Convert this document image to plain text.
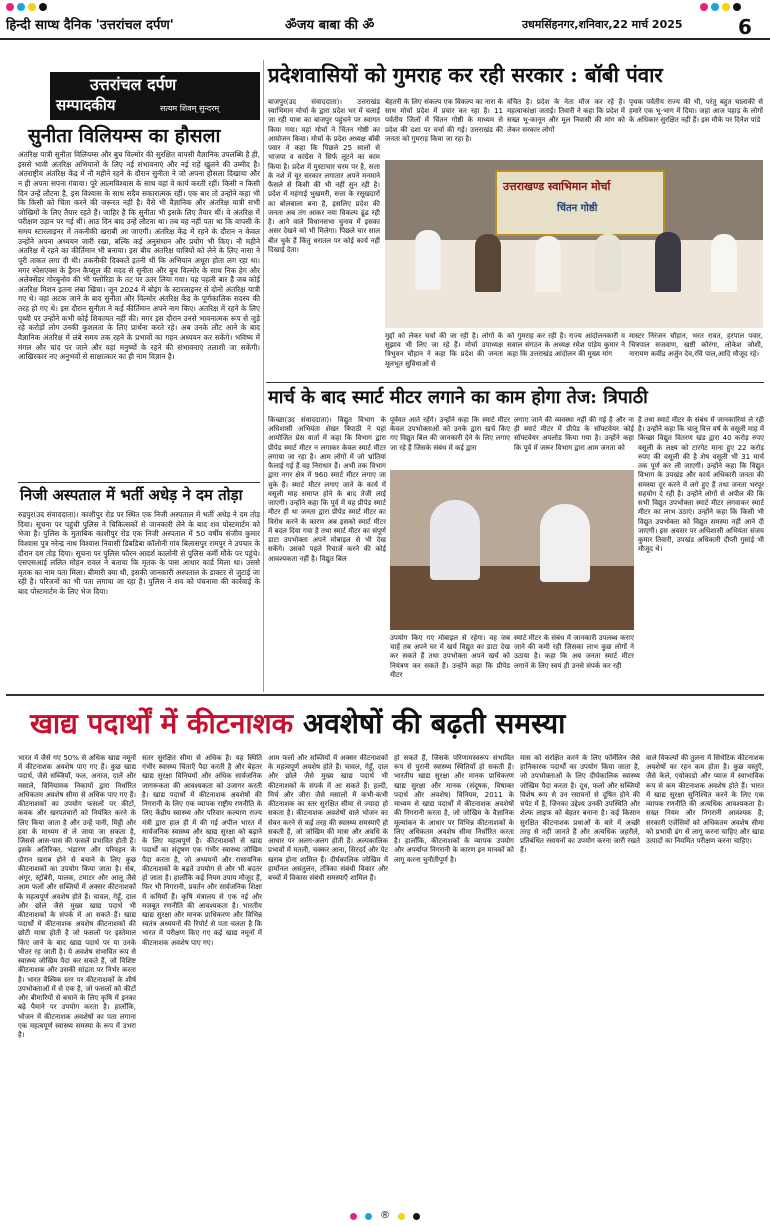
हिन्दी साप्ध दैनिक 'उत्तरांचल दर्पण'	ॐजय बाबा की ॐ	उधमसिंहनगर,शनिवार,22 मार्च 2025	6
उत्तरांचल दर्पण
सम्पादकीय	सत्यम शिवम् सुन्दरम्
सुनीता विलियम्स का हौसला
अंतरिक्ष यात्री सुनीता विलियम्स और बुच विल्मोर की सुरक्षित वापसी वैज्ञानिक उपलब्धि है ही, इससे भावी अंतरिक्ष अभियानों के लिए नई संभावनाएं और नई राहें खुलने की उम्मीद है। अंतराष्ट्रीय अंतरिक्ष केंद्र में नौ महीने रहने के दौरान सुनीता ने जो अपना हौसला दिखाया और न ही अपना सपना गंवाया। पूरे आत्मविश्वास के साथ वहां वे कार्य करती रहीं। किसी न किसी दिन उन्हें लौटना है, इस विश्वास के साथ सदैव सकारात्मक रहीं। एक बार तो उन्होंने कहा भी कि किसी को चिंता करने की जरूरत नहीं है। वैसे भी वैज्ञानिक और अंतरिक्ष यात्री सभी जोखिमों के लिए तैयार रहते हैं। जाहिर है कि सुनीता भी इसके लिए तैयार थीं। वे अंतरिक्ष में परीक्षण उड़ान पर गई थीं। आठ दिन बाद उन्हें लौटना था। तब यह नहीं पता था कि वापसी के समय स्टारलाइनर में तकनीकी खराबी आ जाएगी। अंतरिक्ष केंद्र में रहने के दौरान न केवल उन्होंने अपना अध्ययन जारी रखा, बल्कि कई अनुसंधान और प्रयोग भी किए। नौ महीने अंतरिक्ष में रहने का कीर्तिमान भी बनाया। इस बीच अंतरिक्ष यात्रियों को लेने के लिए नासा ने पूरी ताकत लगा दी थी। तकनीकी दिक्कतें इतनी थीं कि अभियान अधूरा होता लग रहा था। मगर स्पेसएक्स के ड्रैगन कैप्सूल की मदद से सुनीता और बुच विल्मोर के साथ निक हेग और अलेक्सेंडर गोरबुनोव की भी फ्लोरिडा के तट पर उतर लिया गया। यह पहली बार है जब कोई अंतरिक्ष मिशन इतना लंबा खिंचा। जून 2024 में बोइंग के स्टारलाइनर से दोनों अंतरिक्ष यात्री गए थे। वहां अटक जाने के बाद सुनीता और विल्मोर अंतरिक्ष केंद्र के पूर्णकालिक सदस्य की तरह हो गए थे। इस दौरान सुनीता ने कई कीर्तिमान अपने नाम किए। अंतरिक्ष में रहने के लिए पृथ्वी पर उन्होंने कभी कोई शिकायत नहीं की। मगर इस दौरान उनसे भावनात्मक रूप से जुड़े रहे करोड़ों लोग उनकी कुशलता के लिए प्रार्थना करते रहे। अब उनके लौट आने के बाद वैज्ञानिक अंतरिक्ष में लंबे समय तक रहने के प्रभावों का गहन अध्ययन कर सकेंगे। भविष्य में मंगल और चांद पर जाने और वहां मनुष्यों के रहने की संभावनाएं तलाशी जा सकेंगी। आखिरकार नए अनुभवों से साक्षात्कार का ही नाम विज्ञान है।
निजी अस्पताल में भर्ती अधेड़ ने दम तोड़ा
रुद्रपुर(उद संवाददाता)। काशीपुर रोड पर स्थित एक निजी अस्पताल में भर्ती अधेड़ ने दम तोड़ दिया। सूचना पर पहुंची पुलिस ने चिकित्सकों से जानकारी लेने के बाद शव पोस्टमार्टम को भेजा है। पुलिस के मुताबिक काशीपुर रोड एक निजी अस्पताल में 50 वर्षीय संजीव कुमार विश्वास पुत्र नरेन्द्र नाथ विश्वास निवासी डिबडिबा कॉलोनी गांव बिलासपुर रामपुर ने उपचार के दौरान दम तोड़ दिया। सूचना पर पुलिस फौरन आदर्श कालोनी से पुलिस कर्मी मौके पर पहुंचे। एसएसआई ललित मोहन रावल ने बताया कि मृतक के पास आधार कार्ड मिला था। उससे मृतक का नाम पता मिला। बीमारी क्या थी, इसकी जानकारी अस्पताल के डाक्टर से जुटाई जा रही है। परिजनों का भी पता लगाया जा रहा है। पुलिस ने शव को पंचनामा की कार्रवाई के बाद पोस्टमार्टम के लिए भेज दिया।
प्रदेशवासियों को गुमराह कर रही सरकार : बॉबी पंवार
बाजपुर(उद संवाददाता)। उत्तराखंड स्वाभिमान मोर्चा के द्वारा प्रदेश भर में चलाई जा रही यात्रा का बाजपुर पहुंचने पर स्वागत किया गया। यहां मोर्चा ने चिंतन गोष्ठी का आयोजन किया। मोर्चा के प्रदेश अध्यक्ष बॉबी पवार ने कहा कि पिछले 25 सालों से भाजपा व कांग्रेस ने सिर्फ लूटने का काम किया है। प्रदेश में मुस्टाचार चरम पर है, सत्ता के नशे में चूर सरकार लगातार अपने मनमाने फैसले से किसी की भी नहीं सुन रही है। प्रदेश में महंगाई भुखमरी, सत्ता के रसूखदारों का बोलबाला बना है, इसलिए प्रदेश की जनता अब तंग आकर नया विकल्प ढूंढ रही है। आने वाले विधानसभा चुनाव में इसका असर देखने को भी मिलेगा। पिछले चार साल बीत चुके हैं किंतु धरातल पर कोई कार्य नहीं दिखाई देता।
बेहतरी के लिए संकल्प एक विकल्प का नारा के साथ मोर्चा प्रदेश में प्रचार कर रहा है। 11 पर्वतीय जिलों में चिंतन गोष्ठी के माध्यम से प्रदेश की दशा पर चर्चा की गई। उत्तराखंड की जनता को गुमराह किया जा रहा है।
वंचित है। प्रदेश के नेता मौज कर रहे हैं। महत्वाकांक्षा जताई। तिवारी ने कहा कि प्रदेश में सख्त भू-कानून और मूल निवासी की मांग को लेकर सरकार लोगों
पृथक पर्वतीय राज्य की थी, परंतु बहुत चालाकी से हमारे एक भू-भाग में दिया। जहां आज पहाड़ के लोगों के अधिकार सुरक्षित नहीं हैं। इस मौके पर दिनेश पांडे
उत्तराखण्ड स्वाभिमान मोर्चा
चिंतन गोष्ठी
मुद्दों को लेकर चर्चा की जा रही है। लोगों के सुझाव भी लिए जा रहे हैं। मोर्चा उपाध्यक्ष त्रिभुवन चौहान ने कहा कि प्रदेश की जनता मूलभूत सुविधाओं से
को गुमराह कर रही है। राज्य आंदोलनकारी व सवाल संगठन के अध्यक्ष रमेश पांडेय कुमार ने कहा कि उत्तराखंड आंदोलन की मुख्य मांग
मास्टर निरंजन चौहान, भरत रावत, हरपाल पवार, चित्रपाल सजवाण, खष्टी कोरंगा, लोकेश जोशी, नारायण कवींद्र अर्जुन देव,रवि पाल,आदि मौजूद रहे।
मार्च के बाद स्मार्ट मीटर लगाने का काम होगा तेज: त्रिपाठी
किच्छा(उद संवाददाता)। विद्युत विभाग के अधिशासी अभियंता शेखर त्रिपाठी ने यहां आयोजित प्रेस वार्ता में कहा कि विभाग द्वारा प्रीपेड स्मार्ट मीटर न लगाकर केवल स्मार्ट मीटर लगाया जा रहा है। आम लोगों में जो भ्रांतियां फैलाई गई हैं वह निराधार हैं। अभी तक विभाग द्वारा नगर क्षेत्र में 960 स्मार्ट मीटर लगाए जा चुके हैं। स्मार्ट मीटर लगाए जाने के कार्य में वसूली माह समाप्त होने के बाद तेजी लाई जाएगी। उन्होंने कहा कि पूर्व में यह प्रीपेड स्मार्ट मीटर ही था जनता द्वारा प्रीपेड स्मार्ट मीटर का विरोध करने के कारण अब इसको स्मार्ट मीटर में बदल दिया गया है तथा स्मार्ट मीटर का संपूर्ण डाटा उपभोक्ता अपने मोबाइल से भी देख सकेंगे। उसको पहले रिचार्ज करने की कोई आवश्यकता नहीं है। विद्युत बिल
पूर्ववत आते रहेंगे। उन्होंने कहा कि स्मार्ट मीटर केवल उपभोक्ताओं को उनके द्वारा खर्च किए गए विद्युत बिल की जानकारी देने के लिए लगाए जा रहे हैं जिसके संबंध में कई द्वारा
लगाए जाने की व्यवस्था नहीं की गई है और ना ही स्मार्ट मीटर में प्रीपेड के सॉफ्टवेयर कोई सॉफ्टवेयर अपलोड किया गया है। उन्होंने कहा कि पूर्व में जरूर विभाग द्वारा आम जनता को
उपयोग किए गए मोबाइल से रहेगा। वह जब चाहें तब अपने घर में खर्च विद्युत का डाटा देख कर सकते हैं तथा उपभोक्ता अपने खर्च को नियंत्रण कर सकते हैं। उन्होंने कहा कि प्रीपेड मीटर
स्मार्ट मीटर के संबंध में जानकारी उपलब्ध कराए जाने की कमी रही जिसका लाभ कुछ लोगों ने उठाया है। कहा कि अब जनता स्मार्ट मीटर लगाने के लिए स्वयं ही उनसे संपर्क कर रही
है तथा स्मार्ट मीटर के संबंध में जानकारियां ले रही है। उन्होंने कहा कि चालू वित्त वर्ष के वसूली माह में किच्छा विद्युत वितरण खंड द्वारा 40 करोड़ रुपए वसूली के लक्ष्य को टारगेट माना हुए 22 करोड़ रुपए की वसूली की है शेष वसूली भी 31 मार्च तक पूर्ण कर ली जाएगी। उन्होंने कहा कि विद्युत विभाग के उपखंड और कार्य अधिकारी जनता की समस्या दूर करने में लगे हुए हैं तथा जनता भरपूर सहयोग दे रही है। उन्होंने लोगों से अपील की कि सभी विद्युत उपभोक्ता स्मार्ट मीटर लगवाकर स्मार्ट मीटर का लाभ उठाएं। उन्होंने कहा कि किसी भी विद्युत उपभोक्ता को विद्युत समस्या नहीं आने दी जाएगी। इस अवसर पर अधिशासी अभियंता संजय कुमार तिवारी, उपखंड अधिकारी दीप्ती गुसांई भी मौजूद थे।
खाद्य पदार्थों में कीटनाशक अवशेषों की बढ़ती समस्या
भारत में जैसे गए 50% से अधिक खाद्य नमूनों में कीटनाशक अवशेष पाए गए हैं। कुछ खाद्य पदार्थ, जैसे सब्जियाँ, फल, अनाज, दालें और मसाले, विनियामक निकायों द्वारा निर्धारित अधिकतम अवशेष सीमा से अधिक पाए गए हैं। कीटनाशकों का उपयोग फसलों पर कीटों, कवक और खरपतवारों को नियंत्रित करने के लिए किया जाता है और उन्हें पानी, मिट्टी और हवा के माध्यम से ले जाया जा सकता है, जिससे आस-पास की फसलें प्रभावित होती हैं। इसके अतिरिक्त, भंडारण और परिवहन के दौरान खराब होने से बचाने के लिए कुछ कीटनाशकों का उपयोग किया जाता है। सेब, अंगूर, स्ट्रॉबेरी, पालक, टमाटर और आलू जैसे आम फलों और सब्जियों में अक्सर कीटनाशकों के महत्वपूर्ण अवशेष होते हैं। चावल, गेहूँ, दाल और छोले जैसे मुख्य खाद्य पदार्थ भी कीटनाशकों के संपर्क में आ सकते हैं। खाद्य पदार्थों में कीटनाशक अवशेष कीटनाशकों की छोटी मात्रा होती है जो फसलों पर इस्तेमाल किए जाने के बाद खाद्य पदार्थ पर या उनके भीतर रह जाती है। ये अवशेष संभावित रूप से स्वास्थ्य जोखिम पैदा कर सकते हैं, जो विशिष्ट कीटनाशक और उसकी सांद्रता पर निर्भर करता है। भारत वैश्विक स्तर पर कीटनाशकों के शीर्ष उपभोक्ताओं में से एक है, जो फसलों को कीटों और बीमारियों से बचाने के लिए कृषि में इनका बढ़े पैमाने पर उपयोग करता है। हालाँकि, भोजन में कीटनाशक अवशेषों का पता लगाना एक महत्वपूर्ण स्वास्थ्य समस्या के रूप में उभरा है।
सतर सुरक्षित सीमा से अधिक है। यह स्थिति गंभीर स्वास्थ्य चिंताएँ पैदा करती है और बेहतर खाद्य सुरक्षा विनियमों और अधिक सार्वजनिक जागरूकता की आवश्यकता को उजागर करती है। खाद्य पदार्थों में कीटनाशक अवशेषों की निगरानी के लिए एक व्यापक राष्ट्रीय रणनीति के लिए केंद्रीय स्वास्थ्य और परिवार कल्याण राज्य मंत्री द्वारा हाल ही में की गई अपील भारत में सार्वजनिक स्वास्थ्य और खाद्य सुरक्षा को बढ़ाने के लिए महत्वपूर्ण है। कीटनाशकों से खाद्य पदार्थों का संदूषण एक गंभीर स्वास्थ्य जोखिम पैदा करता है, जो अध्ययनों और रासायनिक कीटनाशकों के बढ़ते उपयोग से और भी बदतर हो जाता है। हालाँकि कई नियम उपाय मौजूद हैं, फिर भी निगरानी, प्रवर्तन और सार्वजनिक शिक्षा में कमियाँ हैं। कृषि मंत्रालय से एक नई और मजबूत रणनीति की आवश्यकता है। भारतीय खाद्य सुरक्षा और मानक प्राधिकरण और विभिन्न स्वतंत्र अध्ययनों की रिपोर्ट से पता चलता है कि भारत में परीक्षण किए गए कई खाद्य नमूनों में कीटनाशक अवशेष पाए गए।
आम फलों और सब्जियों में अक्सर कीटनाशकों के महत्वपूर्ण अवशेष होते हैं। चावल, गेहूँ, दाल और छोले जैसे मुख्य खाद्य पदार्थ भी कीटनाशकों के संपर्क में आ सकते हैं। हल्दी, मिर्च और जीरा जैसे मसालों में कभी-कभी कीटनाशक का स्तर सुरक्षित सीमा से ज्यादा हो सकता है। कीटनाशक अवशेषों वाले भोजन का सेवन करने से कई तरह की स्वास्थ्य समस्याएँ हो सकती हैं, जो जोखिम की मात्रा और अवधि के आधार पर अलग-अलग होती हैं। अल्पकालिक प्रभावों में मतली, चक्कर आना, सिरदर्द और पेट खराब होना शामिल हैं। दीर्घकालिक जोखिम में हार्मोनल असंतुलन, तंत्रिका संबंधी विकार और बच्चों में विकास संबंधी समस्याएँ शामिल हैं।
हो सकते हैं, जिसके परिणामस्वरूप संभावित रूप से पुरानी स्वास्थ्य स्थितियाँ हो सकती हैं। भारतीय खाद्य सुरक्षा और मानक प्राधिकरण खाद्य सुरक्षा और मानक (संदूषक, विषाक्त पदार्थ और अवशेष) विनियम, 2011 के माध्यम से खाद्य पदार्थों में कीटनाशक अवशेषों की निगरानी करता है, जो जोखिम के वैज्ञानिक मूल्यांकन के आधार पर विभिन्न कीटनाशकों के लिए अधिकतम अवशेष सीमा निर्धारित करता है। हालाँकि, कीटनाशकों के व्यापक उपयोग और अपर्याप्त निगरानी के कारण इन मानकों को लागू करना चुनौतीपूर्ण है।
मास को संरक्षित करने के लिए फॉर्मेलिन जैसे हानिकारक पदार्थों का उपयोग किया जाता है, जो उपभोक्ताओं के लिए दीर्घकालिक स्वास्थ्य जोखिम पैदा करता है। दूध, फलों और सब्जियों विशेष रूप से उन रसायनों से दूषित होने की चपेट में हैं, जिनका उद्देश्य उनकी उपस्थिति और शेल्फ लाइफ को बेहतर बनाना है। कई किसान सुरक्षित कीटनाशक प्रथाओं के बारे में अच्छी तरह से नहीं जानते हैं और अत्यधिक जहरीले, प्रतिबंधित रसायनों का उपयोग करना जारी रखते हैं।
वाले विकल्पों की तुलना में सिंथेटिक कीटनाशक अवशेषों का रहन कम होता है। कुछ वस्तुएँ, जैसे केले, एवोकाडो और प्याज में स्वाभाविक रूप से कम कीटनाशक अवशेष होते हैं। भारत में खाद्य सुरक्षा सुनिश्चित करने के लिए एक व्यापक रणनीति की अत्यधिक आवश्यकता है। सख्त नियम और निगरानी आवश्यक हैं; सरकारी एजेंसियों को अधिकतम अवशेष सीमा को प्रभावी ढंग से लागू करना चाहिए और खाद्य उत्पादों का नियमित परीक्षण करना चाहिए।
®
